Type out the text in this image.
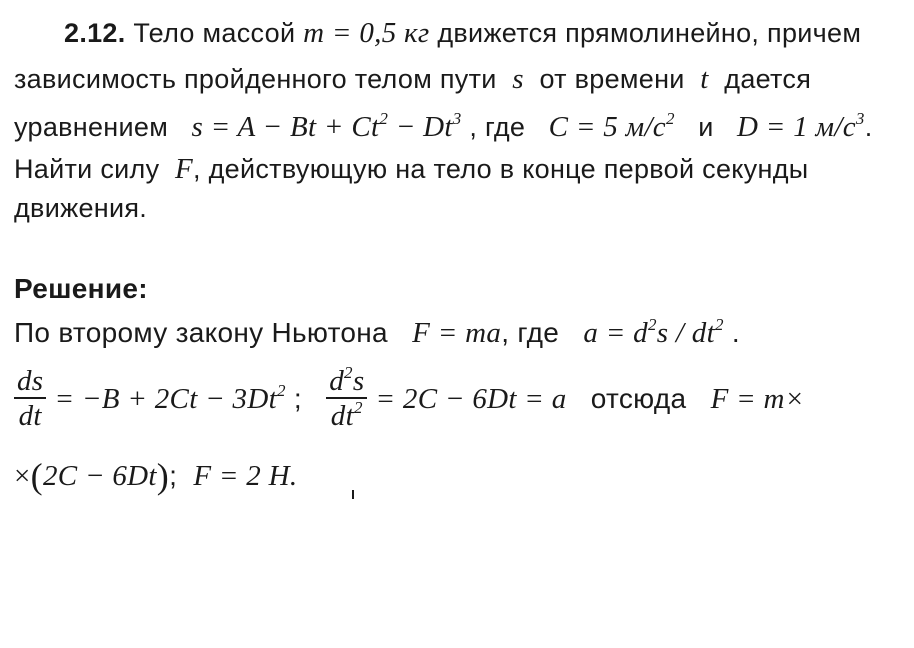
2.12. Тело массой m = 0,5 кг движется прямолинейно, причем
зависимость пройденного телом пути s от времени t дается
уравнением $s = A - Bt + Ct^2 - Dt^3$ , где C = 5 $м/с^2$ и D = 1 $м/с^3$.
Найти силу F, действующую на тело в конце первой секунды
движения.
Решение:
По второму закону Ньютона F = ma, где $a = d^2s / dt^2$ .
$\frac{ds}{dt} = -B + 2Ct - 3Dt^2$ ; $\frac{d^2s}{dt^2} = 2C - 6Dt = a$ отсюда F = m×
×(2C − 6Dt); F = 2 Н.
